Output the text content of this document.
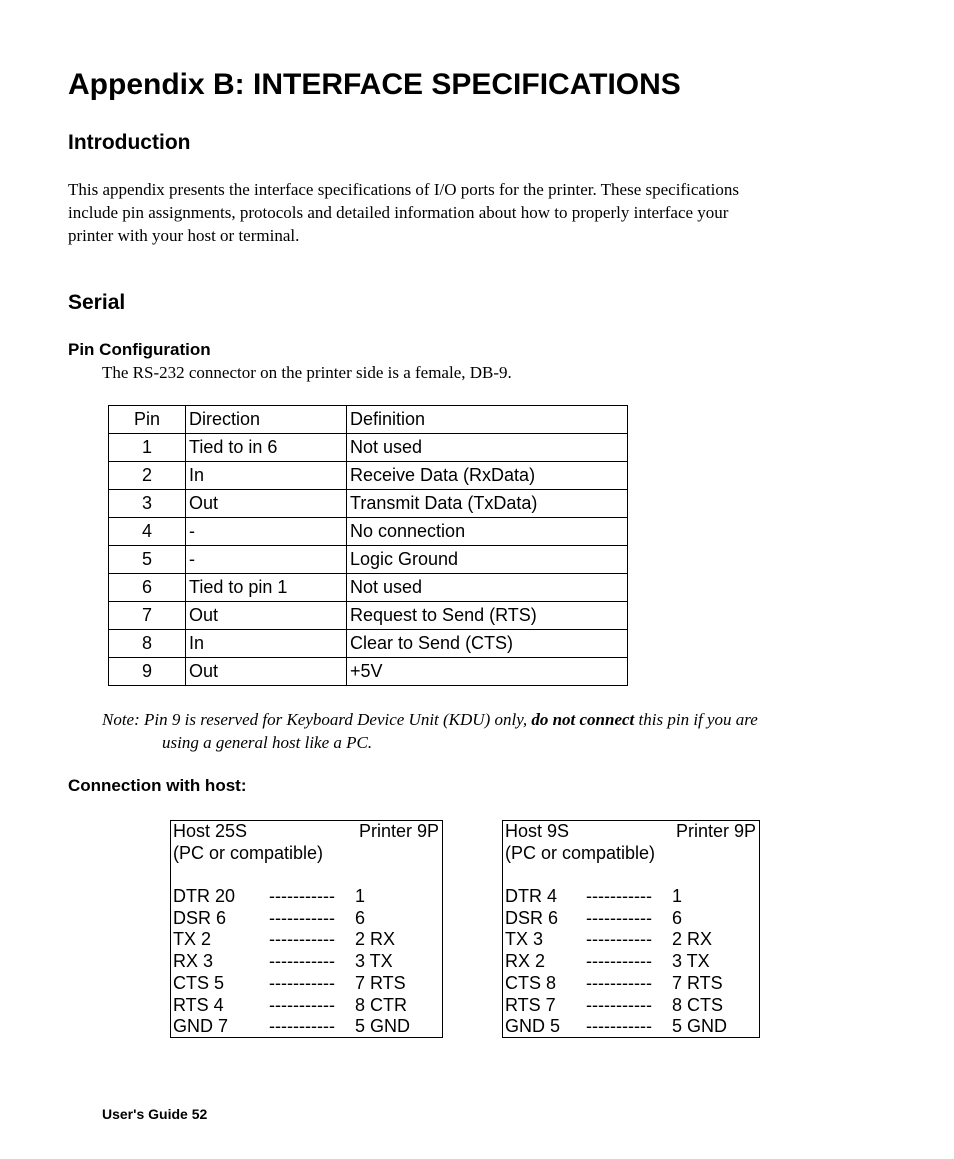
Appendix B: INTERFACE SPECIFICATIONS
Introduction
This appendix presents the interface specifications of I/O ports for the printer. These specifications
include pin assignments, protocols and detailed information about how to properly interface your
printer with your host or terminal.
Serial
Pin Configuration
The RS-232 connector on the printer side is a female, DB-9.
Pin	Direction	Definition
1	Tied to in 6	Not used
2	In	Receive Data (RxData)
3	Out	Transmit Data (TxData)
4	-	No connection
5	-	Logic Ground
6	Tied to pin 1	Not used
7	Out	Request to Send (RTS)
8	In	Clear to Send (CTS)
9	Out	+5V
Note: Pin 9 is reserved for Keyboard Device Unit (KDU) only, do not connect this pin if you are
using a general host like a PC.
Connection with host:
Host 25S	Printer 9P
(PC or compatible)
DTR 20 ----------- 1
DSR 6 ----------- 6
TX 2	----------- 2 RX
RX 3	----------- 3 TX
CTS 5 ----------- 7 RTS
RTS 4	----------- 8 CTR
GND 7 ----------- 5 GND
Host 9S	Printer 9P
(PC or compatible)
DTR 4 ----------- 1
DSR 6 ----------- 6
TX 3 ----------- 2 RX
RX 2 ----------- 3 TX
CTS 8 ----------- 7 RTS
RTS 7 ----------- 8 CTS
GND 5 ----------- 5 GND
User's Guide 52
